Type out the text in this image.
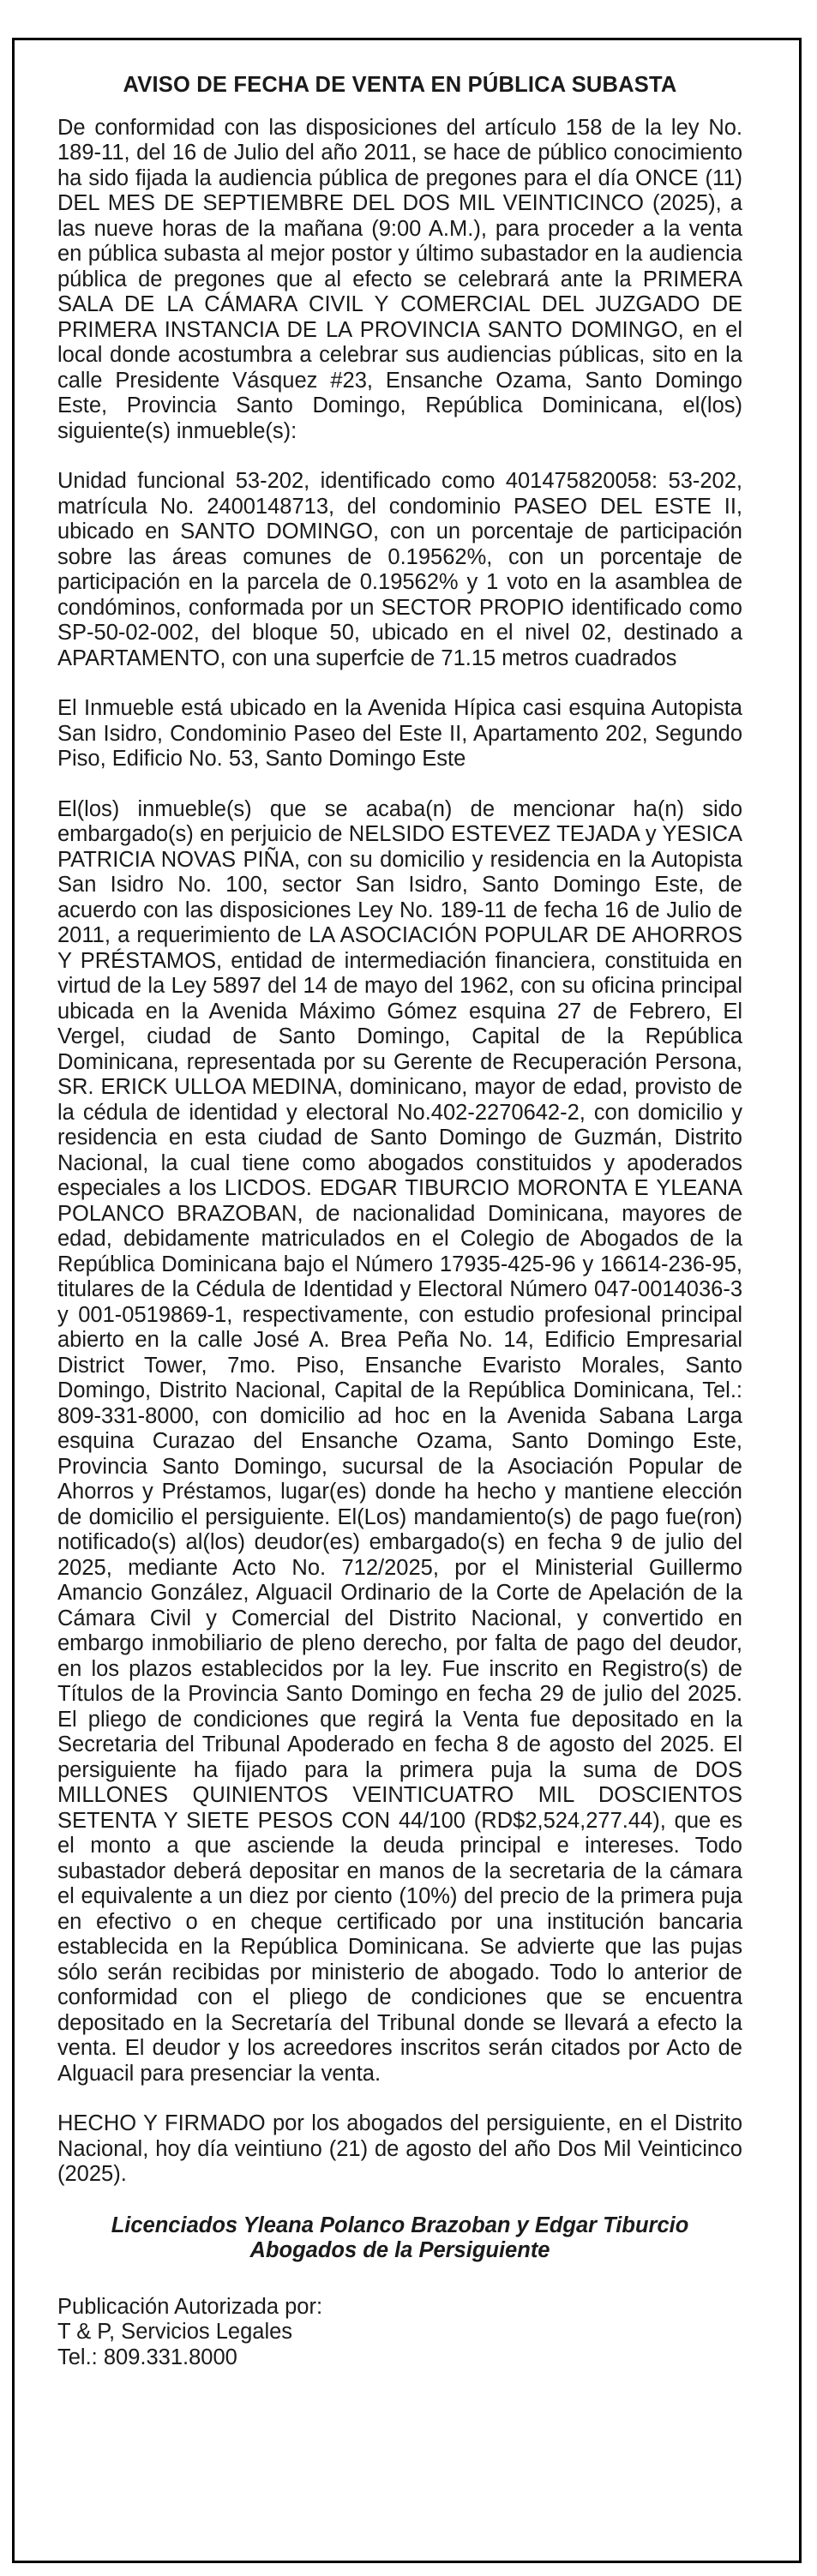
AVISO DE FECHA DE VENTA EN PÚBLICA SUBASTA

De conformidad con las disposiciones del artículo 158 de la ley No. 189-11, del 16 de Julio del año 2011, se hace de público conocimiento ha sido fijada la audiencia pública de pregones para el día ONCE (11) DEL MES DE SEPTIEMBRE DEL DOS MIL VEINTICINCO (2025), a las nueve horas de la mañana (9:00 A.M.), para proceder a la venta en pública subasta al mejor postor y último subastador en la audiencia pública de pregones que al efecto se celebrará ante la PRIMERA SALA DE LA CÁMARA CIVIL Y COMERCIAL DEL JUZGADO DE PRIMERA INSTANCIA DE LA PROVINCIA SANTO DOMINGO, en el local donde acostumbra a celebrar sus audiencias públicas, sito en la calle Presidente Vásquez #23, Ensanche Ozama, Santo Domingo Este, Provincia Santo Domingo, República Dominicana, el(los) siguiente(s) inmueble(s):

Unidad funcional 53-202, identificado como 401475820058: 53-202, matrícula No. 2400148713, del condominio PASEO DEL ESTE II, ubicado en SANTO DOMINGO, con un porcentaje de participación sobre las áreas comunes de 0.19562%, con un porcentaje de participación en la parcela de 0.19562% y 1 voto en la asamblea de condóminos, conformada por un SECTOR PROPIO identificado como SP-50-02-002, del bloque 50, ubicado en el nivel 02, destinado a APARTAMENTO, con una superfcie de 71.15 metros cuadrados

El Inmueble está ubicado en la Avenida Hípica casi esquina Autopista San Isidro, Condominio Paseo del Este II, Apartamento 202, Segundo Piso, Edificio No. 53, Santo Domingo Este

El(los) inmueble(s) que se acaba(n) de mencionar ha(n) sido embargado(s) en perjuicio de NELSIDO ESTEVEZ TEJADA y YESICA PATRICIA NOVAS PIÑA, con su domicilio y residencia en la Autopista San Isidro No. 100, sector San Isidro, Santo Domingo Este, de acuerdo con las disposiciones Ley No. 189-11 de fecha 16 de Julio de 2011, a requerimiento de LA ASOCIACIÓN POPULAR DE AHORROS Y PRÉSTAMOS, entidad de intermediación financiera, constituida en virtud de la Ley 5897 del 14 de mayo del 1962, con su oficina principal ubicada en la Avenida Máximo Gómez esquina 27 de Febrero, El Vergel, ciudad de Santo Domingo, Capital de la República Dominicana, representada por su Gerente de Recuperación Persona, SR. ERICK ULLOA MEDINA, dominicano, mayor de edad, provisto de la cédula de identidad y electoral No.402-2270642-2, con domicilio y residencia en esta ciudad de Santo Domingo de Guzmán, Distrito Nacional, la cual tiene como abogados constituidos y apoderados especiales a los LICDOS. EDGAR TIBURCIO MORONTA E YLEANA POLANCO BRAZOBAN, de nacionalidad Dominicana, mayores de edad, debidamente matriculados en el Colegio de Abogados de la República Dominicana bajo el Número 17935-425-96 y 16614-236-95, titulares de la Cédula de Identidad y Electoral Número 047-0014036-3 y 001-0519869-1, respectivamente, con estudio profesional principal abierto en la calle José A. Brea Peña No. 14, Edificio Empresarial District Tower, 7mo. Piso, Ensanche Evaristo Morales, Santo Domingo, Distrito Nacional, Capital de la República Dominicana, Tel.: 809-331-8000, con domicilio ad hoc en la Avenida Sabana Larga esquina Curazao del Ensanche Ozama, Santo Domingo Este, Provincia Santo Domingo, sucursal de la Asociación Popular de Ahorros y Préstamos, lugar(es) donde ha hecho y mantiene elección de domicilio el persiguiente. El(Los) mandamiento(s) de pago fue(ron) notificado(s) al(los) deudor(es) embargado(s) en fecha 9 de julio del 2025, mediante Acto No. 712/2025, por el Ministerial Guillermo Amancio González, Alguacil Ordinario de la Corte de Apelación de la Cámara Civil y Comercial del Distrito Nacional, y convertido en embargo inmobiliario de pleno derecho, por falta de pago del deudor, en los plazos establecidos por la ley. Fue inscrito en Registro(s) de Títulos de la Provincia Santo Domingo en fecha 29 de julio del 2025. El pliego de condiciones que regirá la Venta fue depositado en la Secretaria del Tribunal Apoderado en fecha 8 de agosto del 2025. El persiguiente ha fijado para la primera puja la suma de DOS MILLONES QUINIENTOS VEINTICUATRO MIL DOSCIENTOS SETENTA Y SIETE PESOS CON 44/100 (RD$2,524,277.44), que es el monto a que asciende la deuda principal e intereses. Todo subastador deberá depositar en manos de la secretaria de la cámara el equivalente a un diez por ciento (10%) del precio de la primera puja en efectivo o en cheque certificado por una institución bancaria establecida en la República Dominicana. Se advierte que las pujas sólo serán recibidas por ministerio de abogado. Todo lo anterior de conformidad con el pliego de condiciones que se encuentra depositado en la Secretaría del Tribunal donde se llevará a efecto la venta. El deudor y los acreedores inscritos serán citados por Acto de Alguacil para presenciar la venta.

HECHO Y FIRMADO por los abogados del persiguiente, en el Distrito Nacional, hoy día veintiuno (21) de agosto del año Dos Mil Veinticinco (2025).

Licenciados Yleana Polanco Brazoban y Edgar Tiburcio
Abogados de la Persiguiente
Publicación Autorizada por:
T & P, Servicios Legales
Tel.: 809.331.8000
